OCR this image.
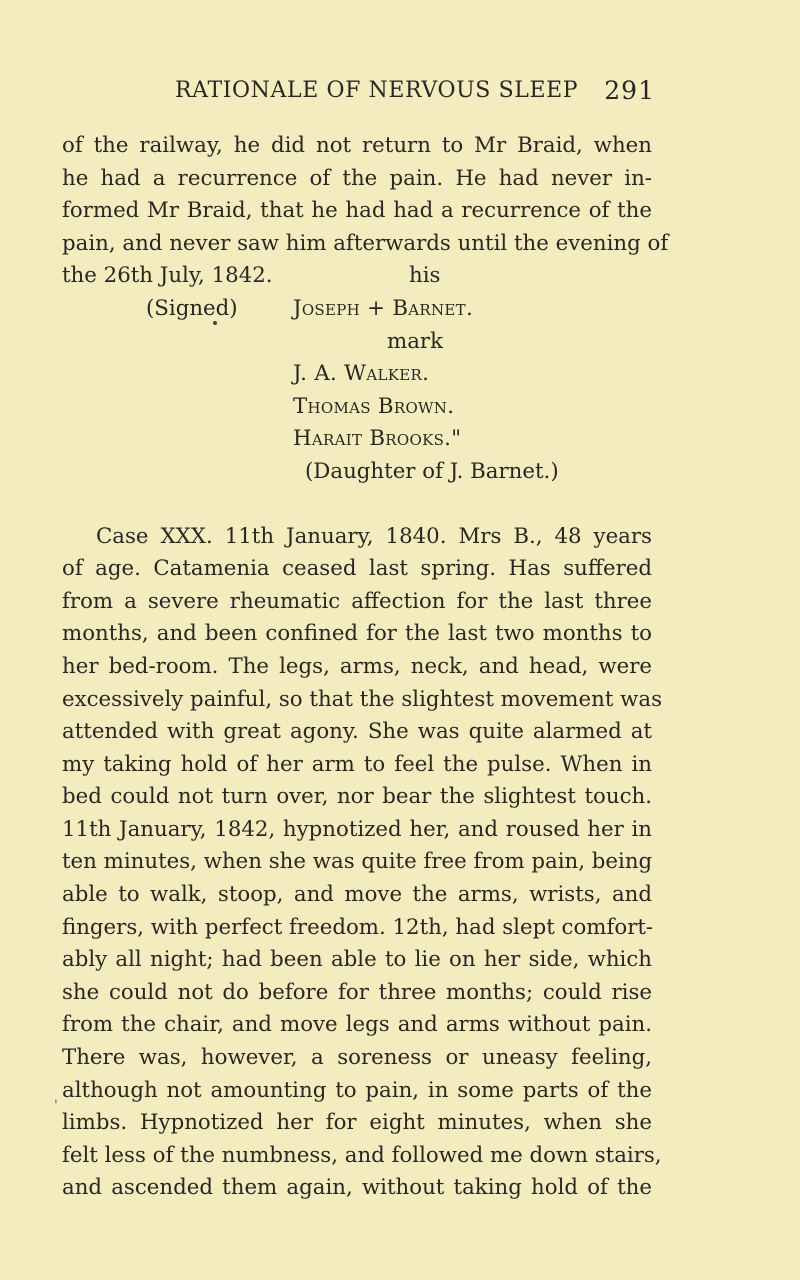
RATIONALE OF NERVOUS SLEEP 291
of the railway, he did not return to Mr Braid, when
he had a recurrence of the pain. He had never in-
formed Mr Braid, that he had had a recurrence of the
pain, and never saw him afterwards until the evening of
the 26th July, 1842.	his
(Signed)	Joseph + Barnet.
mark
J. A. Walker.
Thomas Brown.
Harait Brooks."
(Daughter of J. Barnet.)
Case XXX. 11th January, 1840. Mrs B., 48 years
of age. Catamenia ceased last spring. Has suffered
from a severe rheumatic affection for the last three
months, and been confined for the last two months to
her bed-room. The legs, arms, neck, and head, were
excessively painful, so that the slightest movement was
attended with great agony. She was quite alarmed at
my taking hold of her arm to feel the pulse. When in
bed could not turn over, nor bear the slightest touch.
11th January, 1842, hypnotized her, and roused her in
ten minutes, when she was quite free from pain, being
able to walk, stoop, and move the arms, wrists, and
fingers, with perfect freedom. 12th, had slept comfort-
ably all night; had been able to lie on her side, which
she could not do before for three months; could rise
from the chair, and move legs and arms without pain.
There was, however, a soreness or uneasy feeling,
although not amounting to pain, in some parts of the
limbs. Hypnotized her for eight minutes, when she
felt less of the numbness, and followed me down stairs,
and ascended them again, without taking hold of the
'
